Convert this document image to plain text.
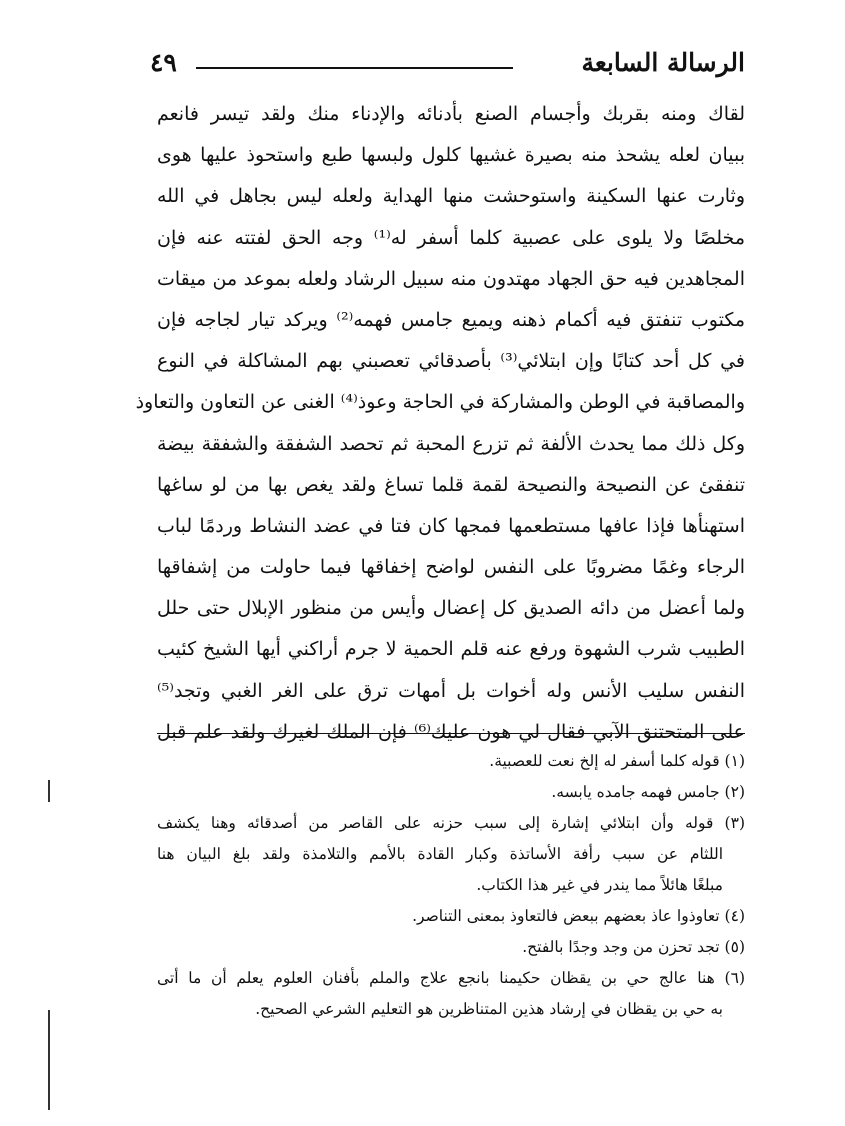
الرسالة السابعة
٤٩
لقاك ومنه بقربك وأجسام الصنع بأدنائه والإدناء منك ولقد تيسر فانعم
ببيان لعله يشحذ منه بصيرة غشيها كلول ولبسها طبع واستحوذ عليها هوى
وثارت عنها السكينة واستوحشت منها الهداية ولعله ليس بجاهل في الله
مخلصًا ولا يلوى على عصبية كلما أسفر له⁽¹⁾ وجه الحق لفتته عنه فإن
المجاهدين فيه حق الجهاد مهتدون منه سبيل الرشاد ولعله بموعد من ميقات
مكتوب تنفتق فيه أكمام ذهنه ويميع جامس فهمه⁽²⁾ ويركد تيار لجاجه فإن
في كل أحد كتابًا وإن ابتلائي⁽³⁾ بأصدقائي تعصبني بهم المشاكلة في النوع
والمصاقبة في الوطن والمشاركة في الحاجة وعوذ⁽⁴⁾ الغنى عن التعاون والتعاوذ
وكل ذلك مما يحدث الألفة ثم تزرع المحبة ثم تحصد الشفقة والشفقة بيضة
تنفقئ عن النصيحة والنصيحة لقمة قلما تساغ ولقد يغص بها من لو ساغها
استهنأها فإذا عافها مستطعمها فمجها كان فتا في عضد النشاط وردمًا لباب
الرجاء وغمًا مضروبًا على النفس لواضح إخفاقها فيما حاولت من إشفاقها
ولما أعضل من دائه الصديق كل إعضال وأيس من منظور الإبلال حتى حلل
الطبيب شرب الشهوة ورفع عنه قلم الحمية لا جرم أراكني أيها الشيخ كئيب
النفس سليب الأنس وله أخوات بل أمهات ترق على الغر الغبي وتجد⁽⁵⁾
على المتحتنق الآبي فقال لي هون عليك⁽⁶⁾ فإن الملك لغيرك ولقد علم قبل
(١) قوله كلما أسفر له إلخ نعت للعصبية.
(٢) جامس فهمه جامده يابسه.
(٣) قوله وأن ابتلائي إشارة إلى سبب حزنه على القاصر من أصدقائه وهنا يكشف
اللثام عن سبب رأفة الأساتذة وكبار القادة بالأمم والتلامذة ولقد بلغ البيان هنا
مبلغًا هائلاً مما يندر في غير هذا الكتاب.
(٤) تعاوذوا عاذ بعضهم ببعض فالتعاوذ بمعنى التناصر.
(٥) تجد تحزن من وجد وجدًا بالفتح.
(٦) هنا عالج حي بن يقظان حكيمنا بانجع علاج والملم بأفنان العلوم يعلم أن ما أتى
به حي بن يقظان في إرشاد هذين المتناظرين هو التعليم الشرعي الصحيح.
